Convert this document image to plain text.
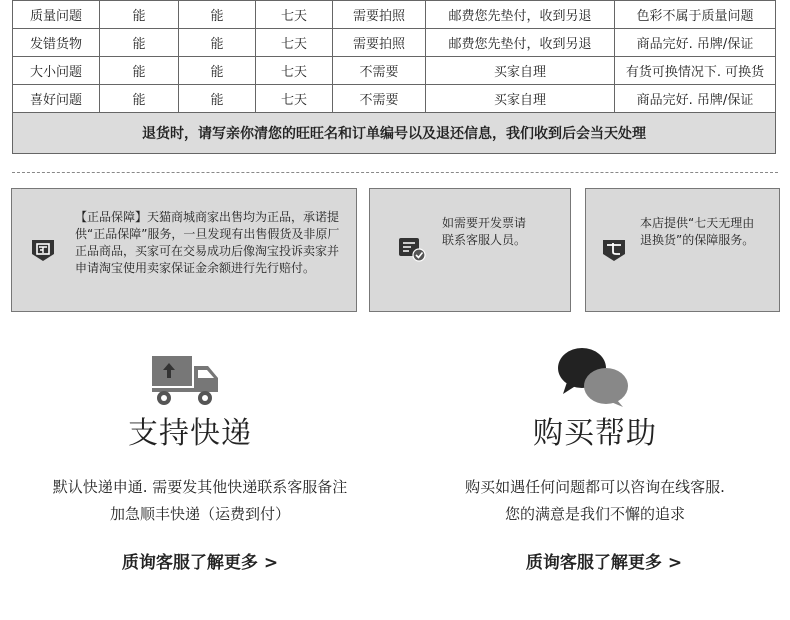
质量问题	能	能	七天	需要拍照	邮费您先垫付，收到另退	色彩不属于质量问题
发错货物	能	能	七天	需要拍照	邮费您先垫付，收到另退	商品完好. 吊牌/保证
大小问题	能	能	七天	不需要	买家自理	有货可换情况下. 可换货
喜好问题	能	能	七天	不需要	买家自理	商品完好. 吊牌/保证
退货时，请写亲你清您的旺旺名和订单编号以及退还信息，我们收到后会当天处理						
【正品保障】天猫商城商家出售均为正品，承诺提供“正品保障”服务，一旦发现有出售假货及非原厂正品商品，买家可在交易成功后像淘宝投诉卖家并申请淘宝使用卖家保证金余额进行先行赔付。
如需要开发票请联系客服人员。
本店提供“七天无理由退换货”的保障服务。
支持快递
默认快递申通. 需要发其他快递联系客服备注
加急顺丰快递（运费到付）
质询客服了解更多 >
购买帮助
购买如遇任何问题都可以咨询在线客服.
您的满意是我们不懈的追求
质询客服了解更多 >
